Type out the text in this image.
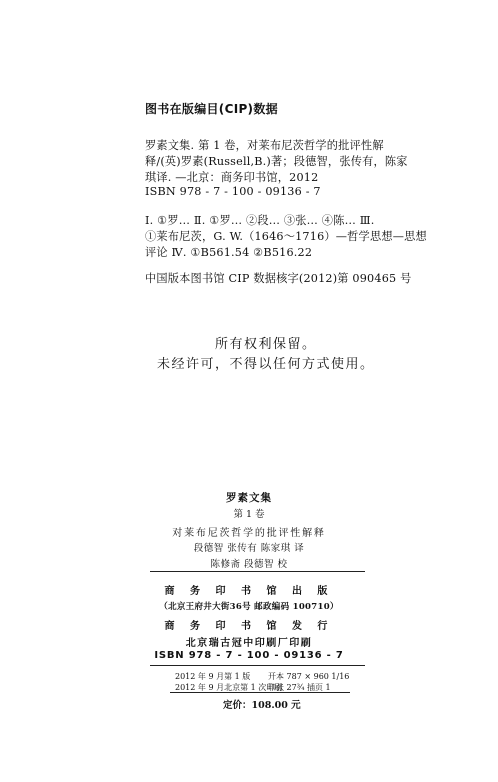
图书在版编目(CIP)数据
罗素文集. 第 1 卷，对莱布尼茨哲学的批评性解
释/(英)罗素(Russell,B.)著；段德智，张传有，陈家
琪译. —北京：商务印书馆，2012
ISBN 978 - 7 - 100 - 09136 - 7
Ⅰ. ①罗… Ⅱ. ①罗… ②段… ③张… ④陈… Ⅲ.
①莱布尼茨，G. W.（1646～1716）—哲学思想—思想
评论 Ⅳ. ①B561.54 ②B516.22
中国版本图书馆 CIP 数据核字(2012)第 090465 号
所有权利保留。
未经许可，不得以任何方式使用。
罗素文集
第 1 卷
对莱布尼茨哲学的批评性解释
段德智 张传有 陈家琪 译
陈修斋 段德智 校
商 务 印 书 馆 出 版
（北京王府井大街36号 邮政编码 100710）
商 务 印 书 馆 发 行
北京瑞古冠中印刷厂印刷
ISBN 978 - 7 - 100 - 09136 - 7
2012 年 9 月第 1 版 开本 787 × 960 1/16
2012 年 9 月北京第 1 次印刷
印张 27¾ 插页 1
定价：108.00 元
